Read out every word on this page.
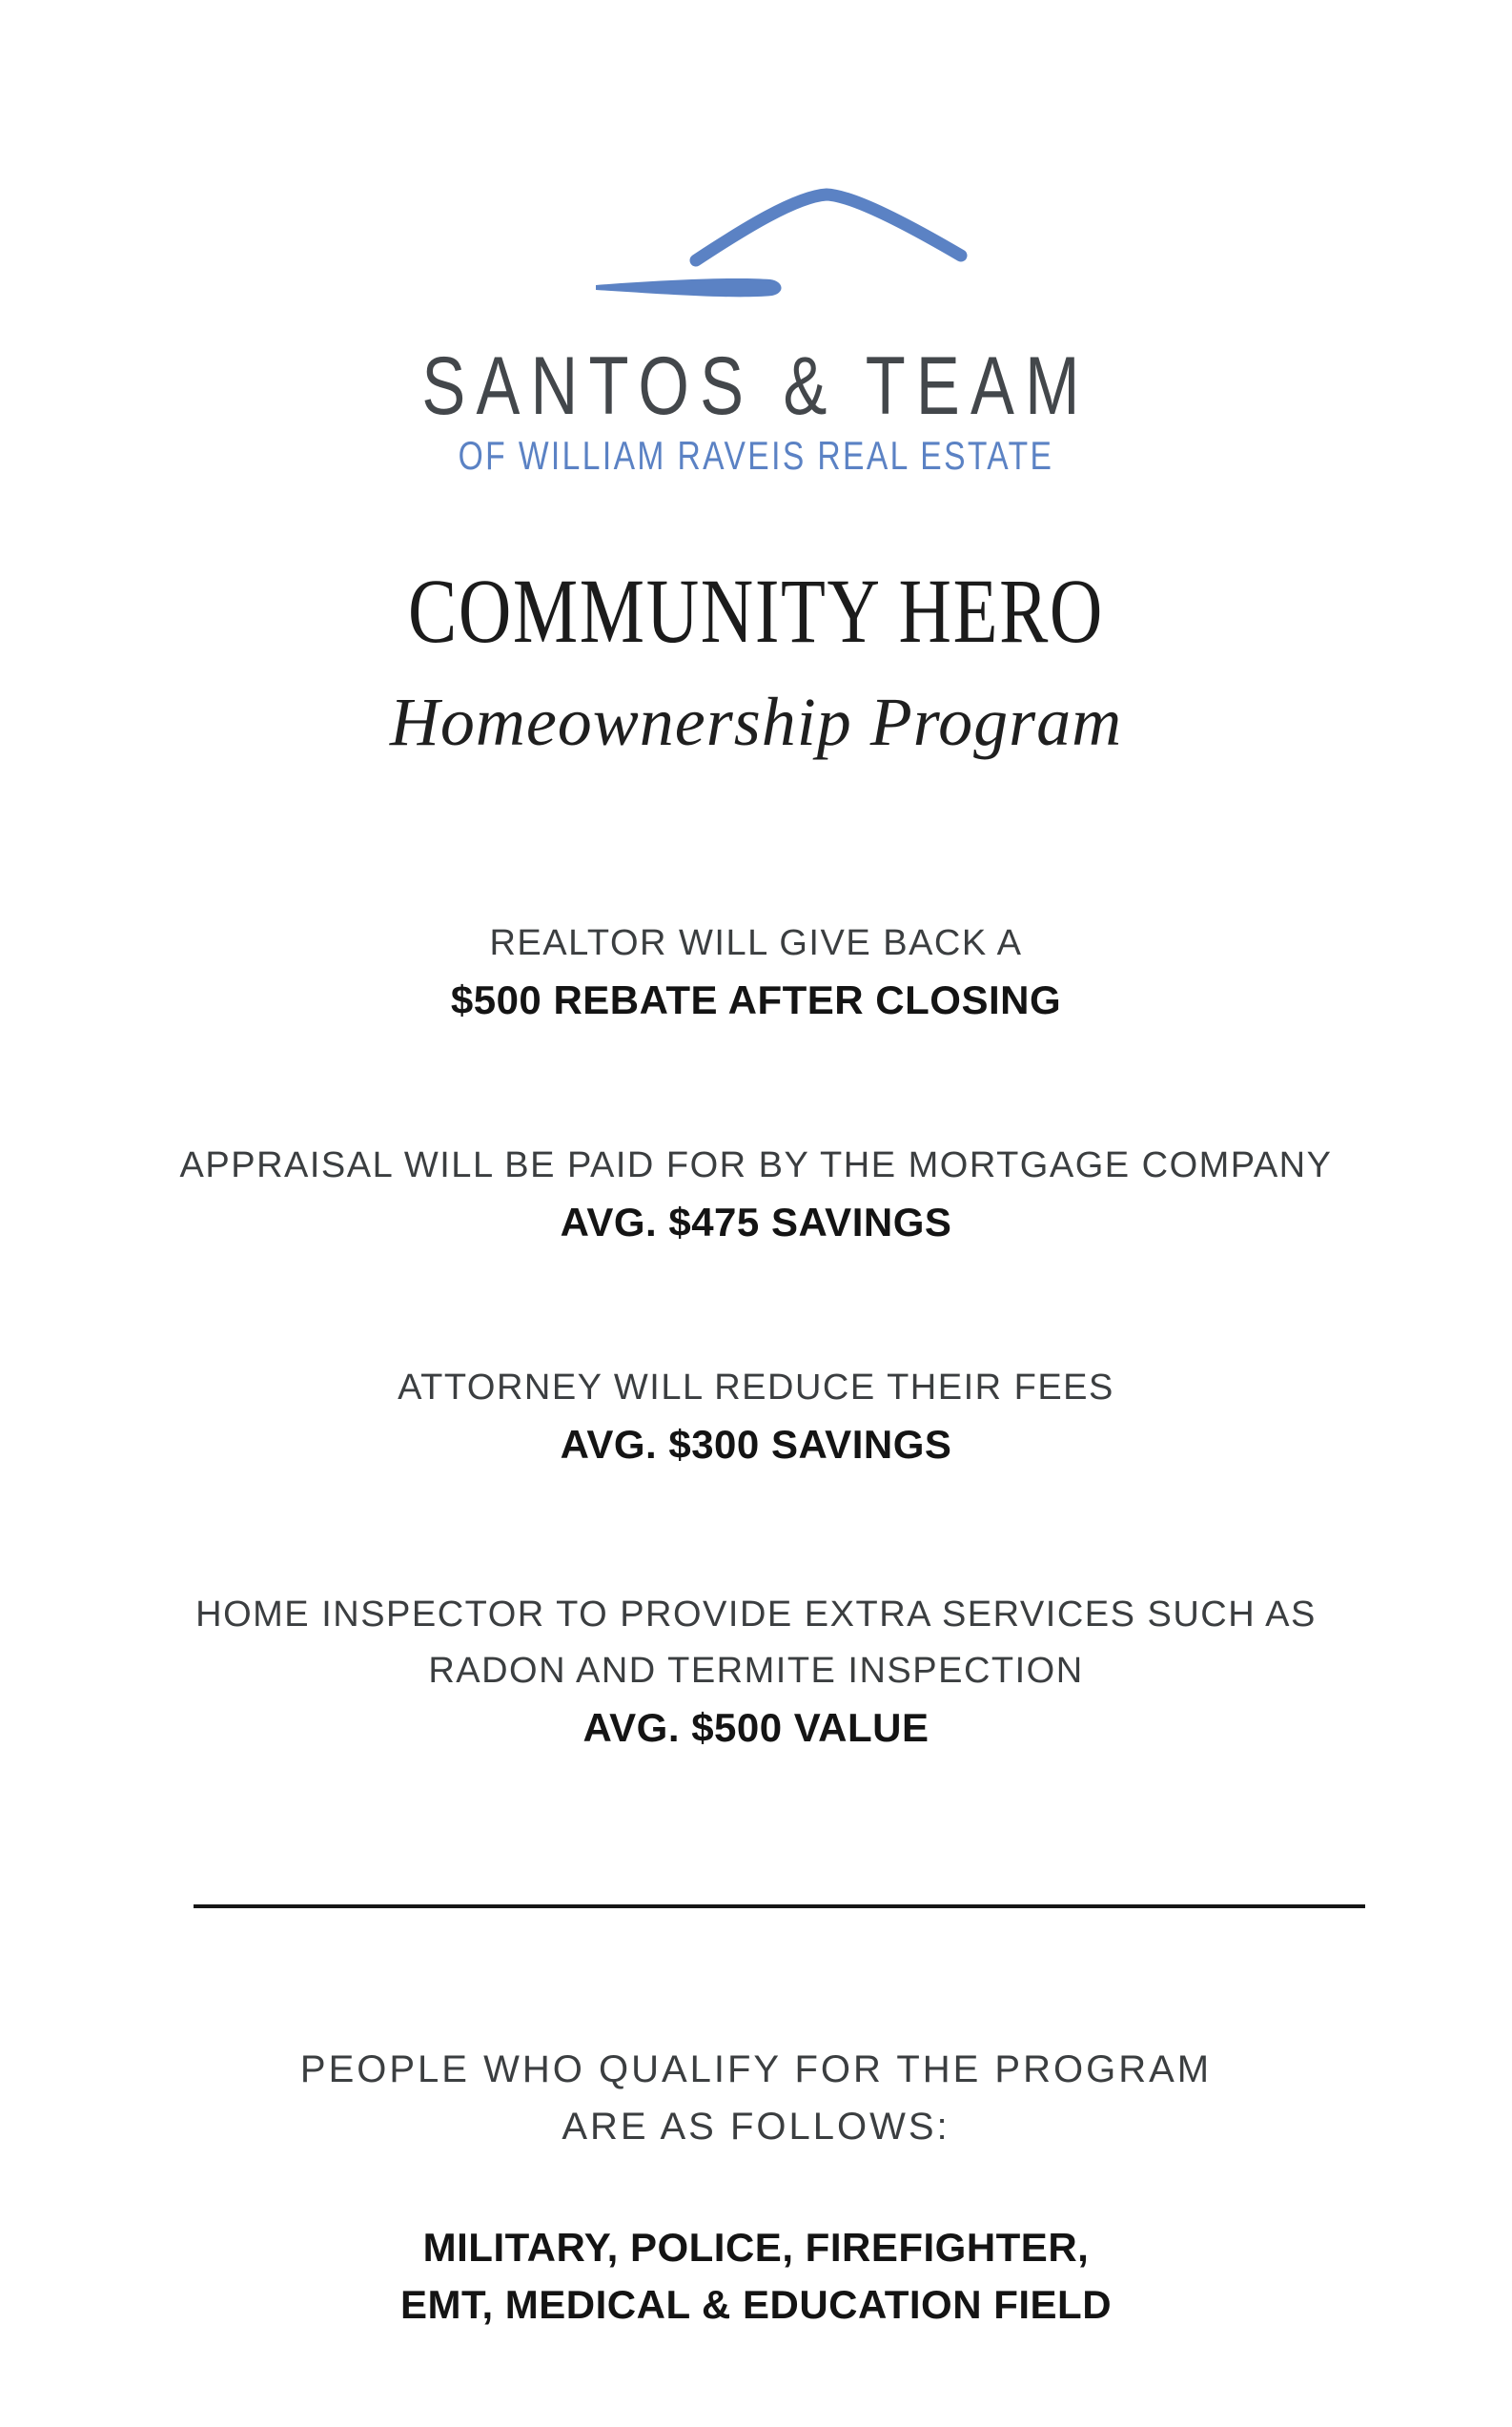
SANTOS & TEAM
OF WILLIAM RAVEIS REAL ESTATE
COMMUNITY HERO
Homeownership Program
REALTOR WILL GIVE BACK A
$500 REBATE AFTER CLOSING
APPRAISAL WILL BE PAID FOR BY THE MORTGAGE COMPANY
AVG. $475 SAVINGS
ATTORNEY WILL REDUCE THEIR FEES
AVG. $300 SAVINGS
HOME INSPECTOR TO PROVIDE EXTRA SERVICES SUCH AS
RADON AND TERMITE INSPECTION
AVG. $500 VALUE
PEOPLE WHO QUALIFY FOR THE PROGRAM
ARE AS FOLLOWS:
MILITARY, POLICE, FIREFIGHTER,
EMT, MEDICAL & EDUCATION FIELD
